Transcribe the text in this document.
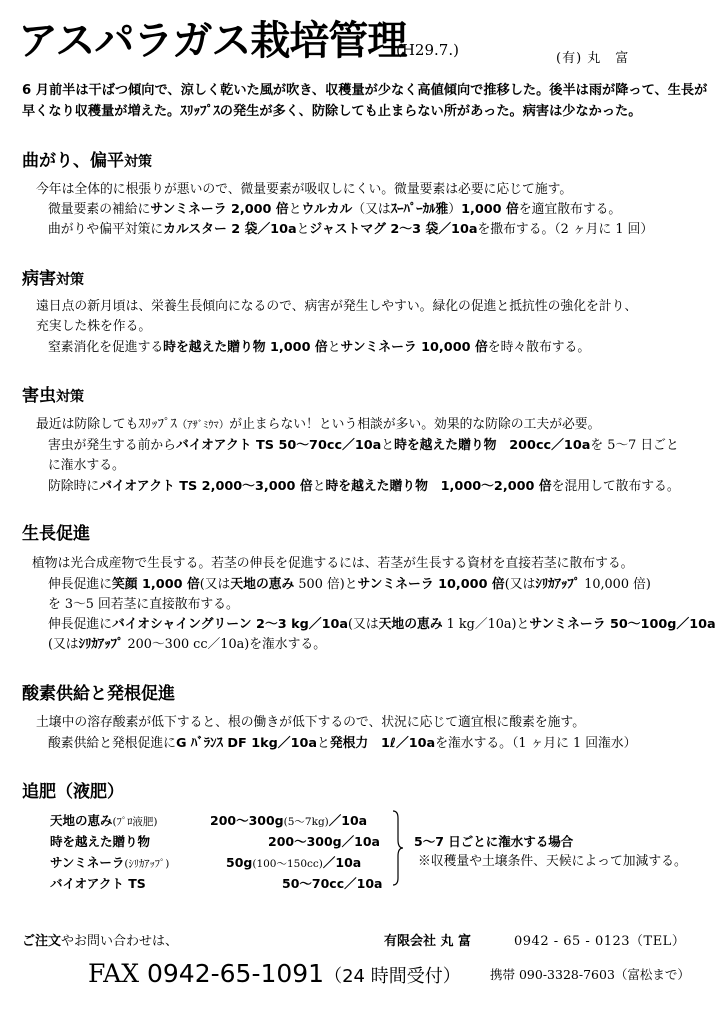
アスパラガス栽培管理
(H29.7.)	(有) 丸　富
6 月前半は干ばつ傾向で、涼しく乾いた風が吹き、収穫量が少なく高値傾向で推移した。後半は雨が降って、生長が早くなり収穫量が増えた。ｽﾘｯﾌﾟｽの発生が多く、防除しても止まらない所があった。病害は少なかった。
曲がり、偏平対策
今年は全体的に根張りが悪いので、微量要素が吸収しにくい。微量要素は必要に応じて施す。
微量要素の補給にサンミネーラ 2,000 倍とウルカル（又はｽｰﾊﾟｰｶﾙ雅）1,000 倍を適宜散布する。
曲がりや偏平対策にカルスター 2 袋／10aとジャストマグ 2～3 袋／10aを撒布する。（2 ヶ月に 1 回）
病害対策
遠日点の新月頃は、栄養生長傾向になるので、病害が発生しやすい。緑化の促進と抵抗性の強化を計り、
充実した株を作る。
窒素消化を促進する時を越えた贈り物 1,000 倍とサンミネーラ 10,000 倍を時々散布する。
害虫対策
最近は防除してもｽﾘｯﾌﾟｽ（ｱｻﾞﾐｳﾏ）が止まらない！という相談が多い。効果的な防除の工夫が必要。
害虫が発生する前からバイオアクト TS 50～70cc／10aと時を越えた贈り物　200cc／10aを 5～7 日ごと
に潅水する。
防除時にバイオアクト TS 2,000～3,000 倍と時を越えた贈り物　1,000～2,000 倍を混用して散布する。
生長促進
植物は光合成産物で生長する。若茎の伸長を促進するには、若茎が生長する資材を直接若茎に散布する。
伸長促進に笑顔 1,000 倍(又は天地の恵み 500 倍)とサンミネーラ 10,000 倍(又はｼﾘｶｱｯﾌﾟ 10,000 倍)
を 3～5 回若茎に直接散布する。
伸長促進にバイオシャイングリーン 2～3 kg／10a(又は天地の恵み 1 kg／10a)とサンミネーラ 50～100g／10a
(又はｼﾘｶｱｯﾌﾟ 200～300 cc／10a)を潅水する。
酸素供給と発根促進
土壌中の溶存酸素が低下すると、根の働きが低下するので、状況に応じて適宜根に酸素を施す。
酸素供給と発根促進にG ﾊﾞﾗﾝｽ DF 1kg／10aと発根力　1ℓ／10aを潅水する。（1 ヶ月に 1 回潅水）
追肥（液肥）
天地の恵み(ﾌﾟﾛ液肥)	200～300g(5～7kg)／10a
時を越えた贈り物	200～300g／10a
サンミネーラ(ｼﾘｶｱｯﾌﾟ)	50g(100～150cc)／10a
バイオアクト TS	50～70cc／10a
5～7 日ごとに潅水する場合
※収穫量や土壌条件、天候によって加減する。
ご注文やお問い合わせは、	有限会社 丸 富	0942 - 65 - 0123（TEL）
FAX 0942-65-1091（24 時間受付） 携帯 090-3328-7603（富松まで）
